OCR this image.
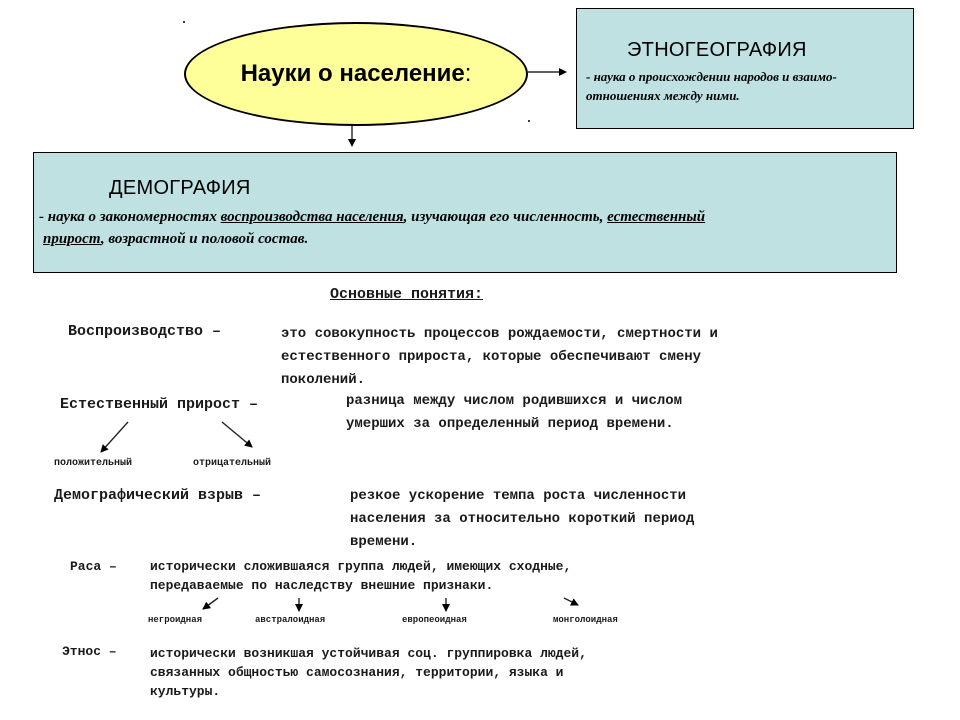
Науки о население:
ЭТНОГЕОГРАФИЯ
- наука о происхождении народов и взаимо-
отношениях между ними.
ДЕМОГРАФИЯ
- наука о закономерностях воспроизводства населения, изучающая его численность, естественный
прирост, возрастной и половой состав.
Основные понятия:
Воспроизводство –	это совокупность процессов рождаемости, смертности и
естественного прироста, которые обеспечивают смену
поколений.
Естественный прирост –	разница между числом родившихся и числом
умерших за определенный период времени.
положительный	отрицательный
Демографический взрыв –	резкое ускорение темпа роста численности
населения за относительно короткий период
времени.
Раса –	исторически сложившаяся группа людей, имеющих сходные,
передаваемые по наследству внешние признаки.
негроидная	австралоидная	европеоидная	монголоидная
Этнос –	исторически возникшая устойчивая соц. группировка людей,
связанных общностью самосознания, территории, языка и
культуры.
